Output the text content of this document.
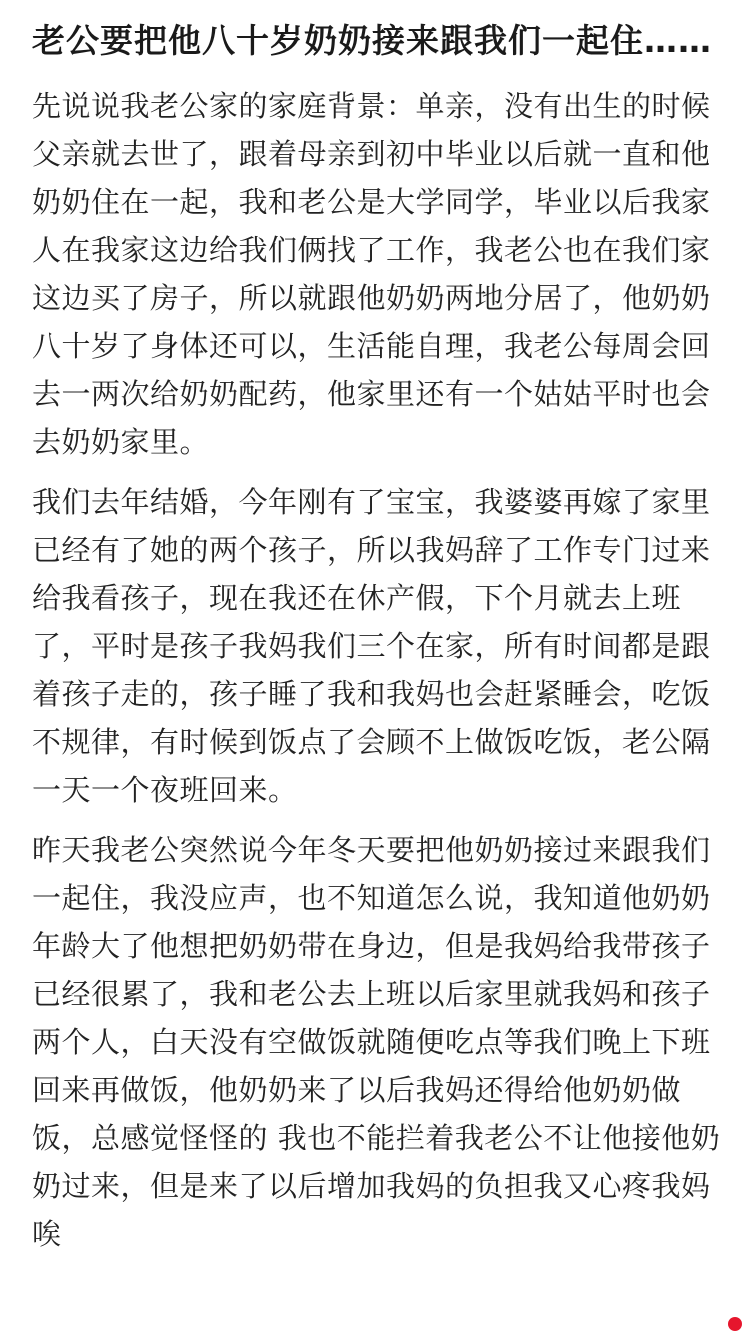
老公要把他八十岁奶奶接来跟我们一起住……
先说说我老公家的家庭背景：单亲，没有出生的时候父亲就去世了，跟着母亲到初中毕业以后就一直和他奶奶住在一起，我和老公是大学同学，毕业以后我家人在我家这边给我们俩找了工作，我老公也在我们家这边买了房子，所以就跟他奶奶两地分居了，他奶奶八十岁了身体还可以，生活能自理，我老公每周会回去一两次给奶奶配药，他家里还有一个姑姑平时也会去奶奶家里。
我们去年结婚，今年刚有了宝宝，我婆婆再嫁了家里已经有了她的两个孩子，所以我妈辞了工作专门过来给我看孩子，现在我还在休产假，下个月就去上班了，平时是孩子我妈我们三个在家，所有时间都是跟着孩子走的，孩子睡了我和我妈也会赶紧睡会，吃饭不规律，有时候到饭点了会顾不上做饭吃饭，老公隔一天一个夜班回来。
昨天我老公突然说今年冬天要把他奶奶接过来跟我们一起住，我没应声，也不知道怎么说，我知道他奶奶年龄大了他想把奶奶带在身边，但是我妈给我带孩子已经很累了，我和老公去上班以后家里就我妈和孩子两个人，白天没有空做饭就随便吃点等我们晚上下班回来再做饭，他奶奶来了以后我妈还得给他奶奶做饭，总感觉怪怪的 我也不能拦着我老公不让他接他奶奶过来，但是来了以后增加我妈的负担我又心疼我妈 唉
